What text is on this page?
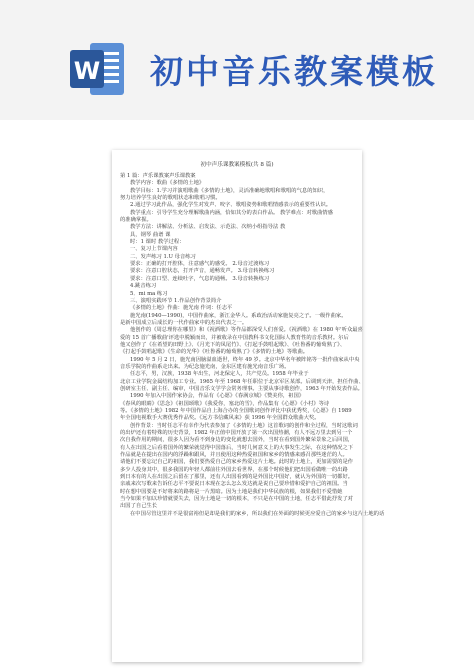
W 初中音乐教案模板
初中声乐课教案模板(共 8 篇)

第 1 篇：声乐课教案声乐课教案

教学内容：歌曲《多情的土地》

教学目标：1.学习并演唱歌曲《多情的土地》，灵活准确地歌唱和歌唱的气息的知识，

努力培养学生良好的歌唱状态和歌唱习惯。

2.通过学习此作品，强化学生对发声、咬字、歌唱姿势和歌唱情感表示的重要性认识。

教学重点：引导学生充分理解歌曲内涵，恰如其分的表白作品。 教学难点：对歌曲情感

的准确掌握。

教学方法：讲解法、分析法、启发法、示范法、次纳小组指导法 教

具，钢琴 曲谱 课

时：1 课时 教学过程：

一、复习上节课内容

二、发声练习 1.U 母音练习

要求：正确的打开腔体，注意感气的感受。 2.母音过渡练习

要求：注意口腔状态，打开声音，通畅发声。 3.母音转换练习

要求：注意口型、连续吐字，气息的通畅。 3.母音转换练习

4.跳音练习

5．mi ma 练习

三、演唱实践环节 1.作品创作背景简介

《多情的土地》作曲：施光南 作词：任志平

施光南(1940—1990)，中国作曲家，浙江金华人。系政治活动家施复亮之子。一级作曲家。

是新中国成立后成长的一代作曲家中的杰出代表之一。

他创作的《周总理你在哪里》和《祝酒歌》等作品都深受人们喜爱。《祝酒歌》在 1980 年'听众最喜

爱的 15 首广播歌曲'评选中脱颖而出，并被收录在中国教科书文化国际人教育性的音乐教材。尔后

他又创作了《在希望的田野上》、《月光下的凤尾竹》、《打起手鼓唱起歌》、《吐鲁番的葡萄熟了》、

《打起手鼓唱起歌》《生命的光华》《吐鲁番的葡萄熟了》《多情的土地》等歌曲。

1990 年 5 月 2 日，施光南因脑溢血逝世，终年 49 岁。北京中华名年被阵铭等一批作曲家从中央

音乐学院的作曲系走出来。为纪念施光南，金东区建有施光南音乐广场。

任志平，男，汉族，1938 年出生，河北保定人，共产党员。1958 年毕业于

北京工业学院金属结构加工专业。1965 年至 1968 年任职位于北京军区某部。后调到天津，担任作曲、

创研室主任、副主任、编审，中国音乐文学学会常务理事。主要从事诗歌创作，1963 年开始发表作品。

1990 年加入中国作家协会，作品有《心愿》《春满京城》《赞美你，祖国》

《春风的眼睛》《思念》《祖国颂歌》《我爱你，塞北的雪》，作品集有《心愿》《小村》等诗

等。《多情的土地》1982 年中国作品自上海合办的全国歌词创作评比中获优秀奖，《心愿》自 1989

年全国电视歌手大赛优秀作品奖。《远方书信藏风来》获 1996 年全国群众歌曲大奖。

创作背景：当时任志平有幸作为代表参加了《多情的土地》这首歌词的创作和全过程，当时这歌词

的出炉还有着特殊的历史背景，1982 年正值中国开放了第一次出国热潮，有人不远万里去到另一个

次自我作用的期间，很多人因为看不到身边的变化就想去国外，当时在看到国外繁荣景象之后回国，

有人在出国之后看着国外的繁荣就觉得中国落后，当时几何意义上的大事发生之际，在这种情况之下

作品就是在提出在国内的浮躁和跟风，并且使用这种热爱祖国和家乡的情感来感召那些迷茫的人。

请他们不要忘记自己的祖国，我们要热爱自己的家乡热爱这片土地。此时的土地上，更加需要的是作

多少人投身其中，很多我国的年轻人都前往外国去看世界，在那个时候他们把出国看做唯一的出路

到日本有的人在出国之后留在了那里，还有人出国看到的是外国比中国好，就认为外国的一切都好。

亲戚来次写歌来告诉任志平不要说日本现在怎么怎么发达就是说自己要珍惜和爱护自己的祖国。当

时在想中国要是不好将来的路将是一片黑暗。因为土地是我们中华民族的根，如果我们不爱惜她

当今如果不加以珍惜就要失去，因为土地是一切的根本，不只是在中国的土地，任志平借此抒发了对

出国了自己生长

在中国尽管这里并不是很富裕但是却是我们的家乡，所以我们在外面的时候更应爱自己的家乡与这片土地的话
